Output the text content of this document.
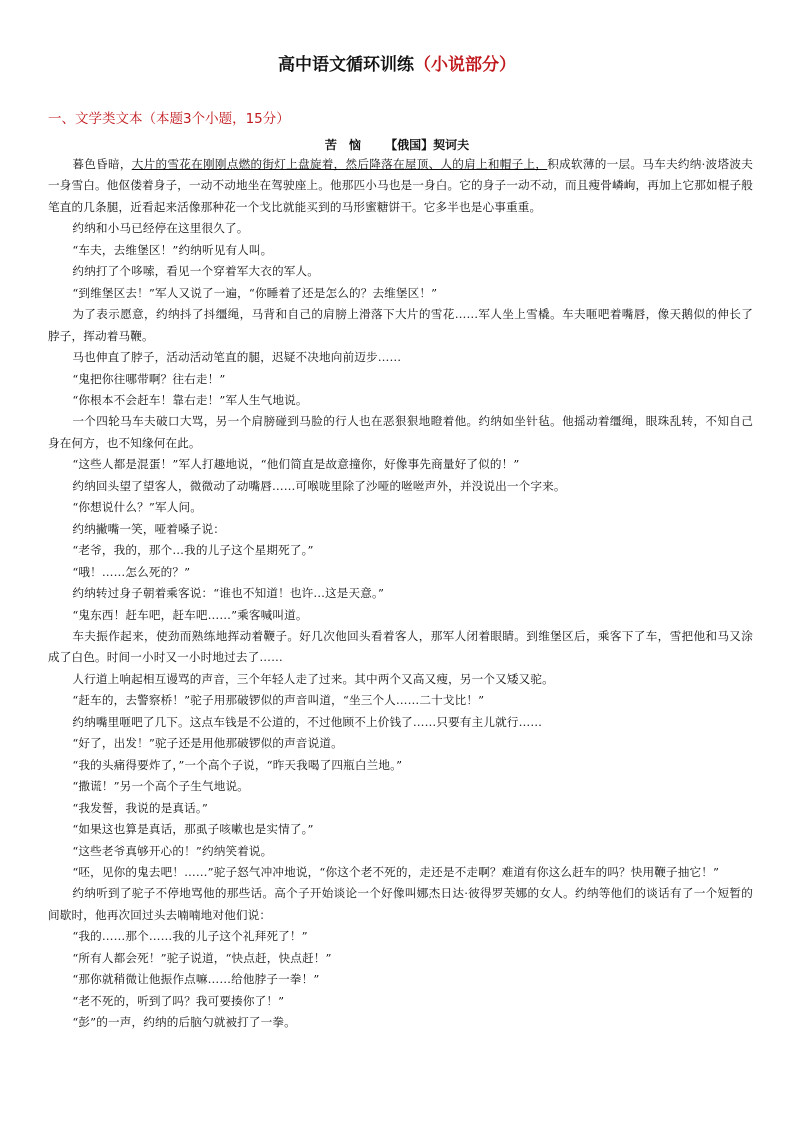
高中语文循环训练（小说部分）
一、文学类文本（本题3个小题，15分）
苦　恼 【俄国】契诃夫

暮色昏暗，大片的雪花在刚刚点燃的街灯上盘旋着，然后降落在屋顶、人的肩上和帽子上，积成软薄的一层。马车夫约纳·波塔波夫一身雪白。他伛偻着身子，一动不动地坐在驾驶座上。他那匹小马也是一身白。它的身子一动不动，而且瘦骨嶙峋，再加上它那如棍子般笔直的几条腿，近看起来活像那种花一个戈比就能买到的马形蜜糖饼干。它多半也是心事重重。

约纳和小马已经停在这里很久了。

“车夫，去维堡区！”约纳听见有人叫。

约纳打了个哆嗦，看见一个穿着军大衣的军人。

“到维堡区去！”军人又说了一遍，“你睡着了还是怎么的？去维堡区！”

为了表示愿意，约纳抖了抖缰绳，马背和自己的肩膀上滑落下大片的雪花……军人坐上雪橇。车夫咂吧着嘴唇，像天鹅似的伸长了脖子，挥动着马鞭。

马也伸直了脖子，活动活动笔直的腿，迟疑不决地向前迈步……

“鬼把你往哪带啊？往右走！”

“你根本不会赶车！靠右走！”军人生气地说。

一个四轮马车夫破口大骂，另一个肩膀碰到马脸的行人也在恶狠狠地瞪着他。约纳如坐针毡。他摇动着缰绳，眼珠乱转，不知自己身在何方，也不知缘何在此。

“这些人都是混蛋！”军人打趣地说，“他们简直是故意撞你，好像事先商量好了似的！”

约纳回头望了望客人，微微动了动嘴唇……可喉咙里除了沙哑的咝咝声外，并没说出一个字来。

“你想说什么？”军人问。

约纳撇嘴一笑，哑着嗓子说：

“老爷，我的，那个…我的儿子这个星期死了。”

“哦！……怎么死的？”

约纳转过身子朝着乘客说：“谁也不知道！也许…这是天意。”

“鬼东西！赶车吧，赶车吧……”乘客喊叫道。

车夫振作起来，使劲而熟练地挥动着鞭子。好几次他回头看着客人，那军人闭着眼睛。到维堡区后，乘客下了车，雪把他和马又涂成了白色。时间一小时又一小时地过去了……

人行道上响起相互谩骂的声音，三个年轻人走了过来。其中两个又高又瘦，另一个又矮又驼。

“赶车的，去警察桥！”驼子用那破锣似的声音叫道，“坐三个人……二十戈比！”

约纳嘴里咂吧了几下。这点车钱是不公道的，不过他顾不上价钱了……只要有主儿就行……

“好了，出发！”驼子还是用他那破锣似的声音说道。

“我的头痛得要炸了，”一个高个子说，“昨天我喝了四瓶白兰地。”

“撒谎！”另一个高个子生气地说。

“我发誓，我说的是真话。”

“如果这也算是真话，那虱子咳嗽也是实情了。”

“这些老爷真够开心的！”约纳笑着说。

“呸，见你的鬼去吧！……”驼子怒气冲冲地说，“你这个老不死的，走还是不走啊？难道有你这么赶车的吗？快用鞭子抽它！”

约纳听到了驼子不停地骂他的那些话。高个子开始谈论一个好像叫娜杰日达·彼得罗芙娜的女人。约纳等他们的谈话有了一个短暂的间歇时，他再次回过头去喃喃地对他们说：

“我的……那个……我的儿子这个礼拜死了！”

“所有人都会死！”驼子说道，“快点赶，快点赶！”

“那你就稍微让他振作点嘛……给他脖子一拳！”

“老不死的，听到了吗？我可要揍你了！”

“彭”的一声，约纳的后脑勺就被打了一拳。
